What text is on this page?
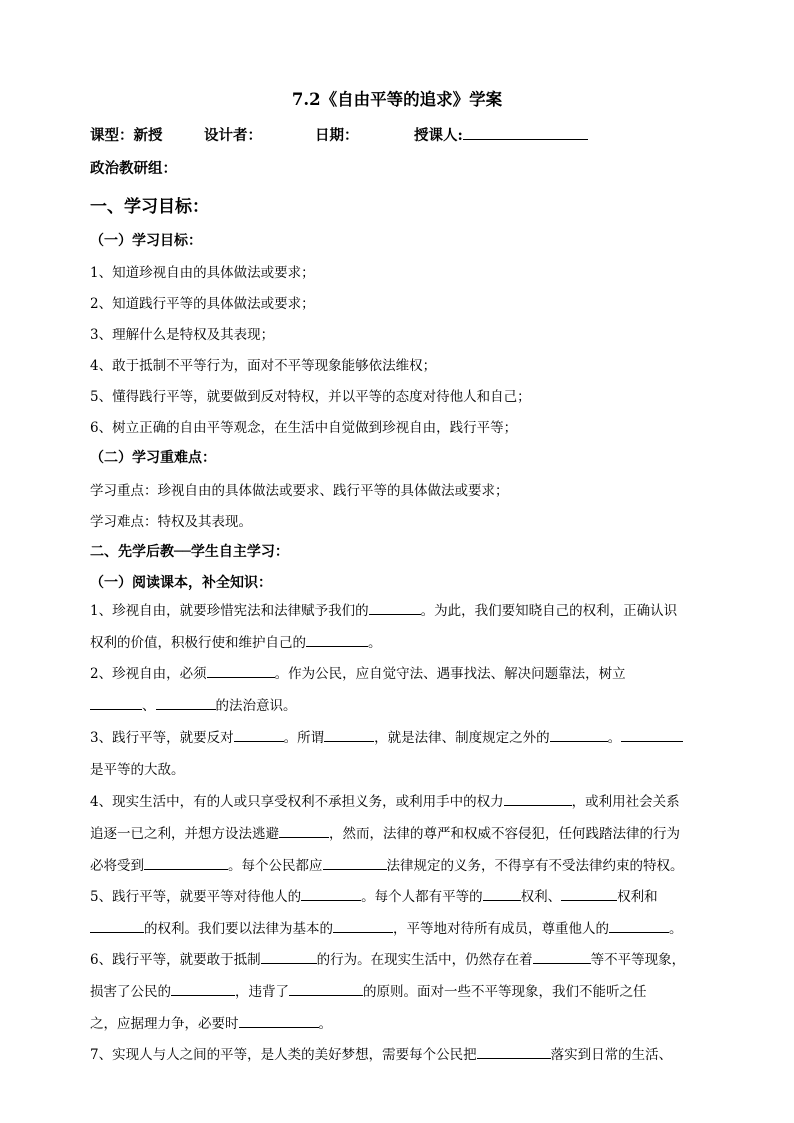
7.2《自由平等的追求》学案
课型：新授	设计者：	日期：	授课人:
政治教研组：
一、学习目标：
（一）学习目标：
1、知道珍视自由的具体做法或要求；
2、知道践行平等的具体做法或要求；
3、理解什么是特权及其表现；
4、敢于抵制不平等行为，面对不平等现象能够依法维权；
5、懂得践行平等，就要做到反对特权，并以平等的态度对待他人和自己；
6、树立正确的自由平等观念，在生活中自觉做到珍视自由，践行平等；
（二）学习重难点：
学习重点：珍视自由的具体做法或要求、践行平等的具体做法或要求；
学习难点：特权及其表现。
二、先学后教──学生自主学习：
（一）阅读课本，补全知识：
1、珍视自由，就要珍惜宪法和法律赋予我们的	。为此，我们要知晓自己的权利，正确认识
权利的价值，积极行使和维护自己的	。
2、珍视自由，必须	。作为公民，应自觉守法、遇事找法、解决问题靠法，树立
、	的法治意识。
3、践行平等，就要反对	。所谓	，就是法律、制度规定之外的	。
是平等的大敌。
4、现实生活中，有的人或只享受权利不承担义务，或利用手中的权力	，或利用社会关系
追逐一已之利，并想方设法逃避	，然而，法律的尊严和权威不容侵犯，任何践踏法律的行为
必将受到	。每个公民都应	法律规定的义务，不得享有不受法律约束的特权。
5、践行平等，就要平等对待他人的	。每个人都有平等的	权利、	权利和
的权利。我们要以法律为基本的	，平等地对待所有成员，尊重他人的	。
6、践行平等，就要敢于抵制	的行为。在现实生活中，仍然存在着	等不平等现象，
损害了公民的	，违背了	的原则。面对一些不平等现象，我们不能听之任
之，应据理力争，必要时	。
7、实现人与人之间的平等，是人类的美好梦想，需要每个公民把	落实到日常的生活、
